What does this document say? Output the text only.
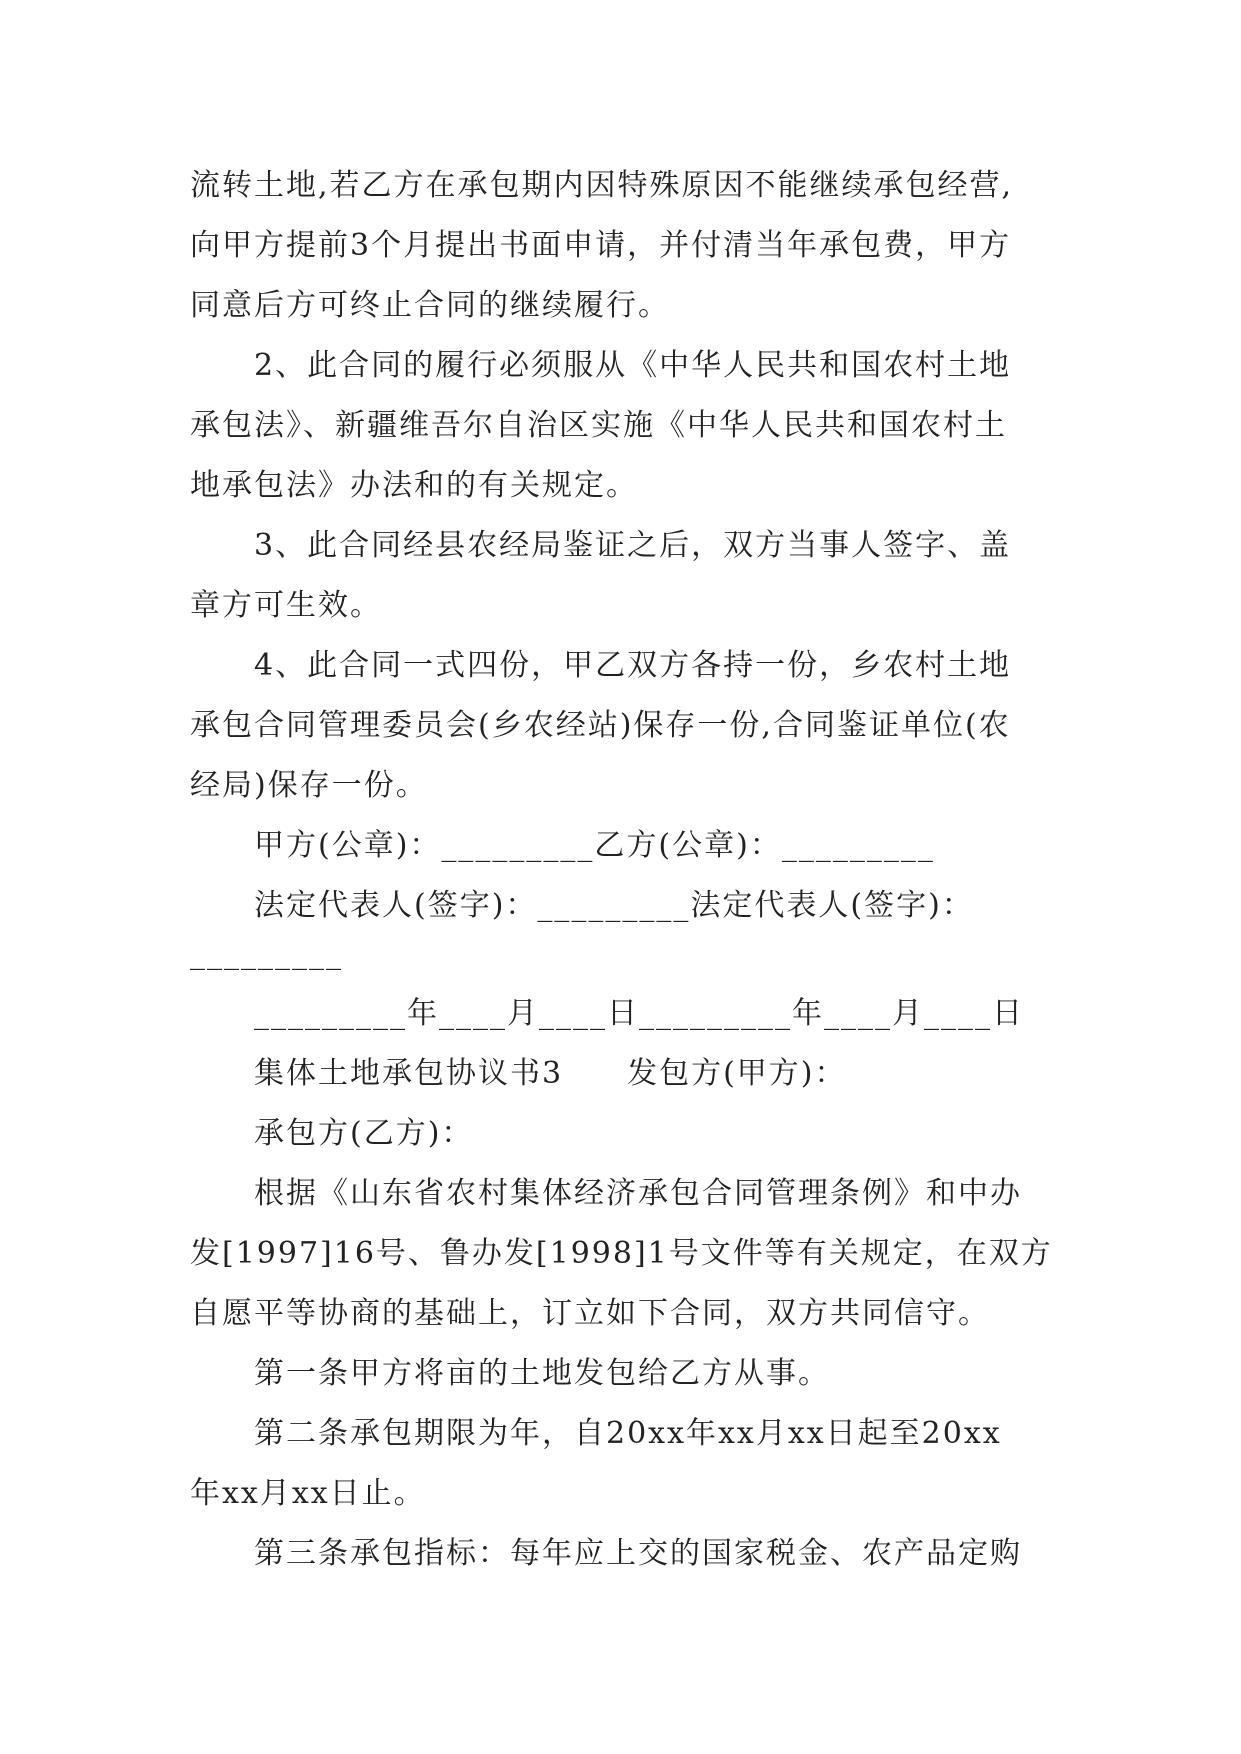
流转土地,若乙方在承包期内因特殊原因不能继续承包经营,
向甲方提前3个月提出书面申请，并付清当年承包费，甲方
同意后方可终止合同的继续履行。
2、此合同的履行必须服从《中华人民共和国农村土地
承包法》、新疆维吾尔自治区实施《中华人民共和国农村土
地承包法》办法和的有关规定。
3、此合同经县农经局鉴证之后，双方当事人签字、盖
章方可生效。
4、此合同一式四份，甲乙双方各持一份，乡农村土地
承包合同管理委员会(乡农经站)保存一份,合同鉴证单位(农
经局)保存一份。
甲方(公章)：_________乙方(公章)：_________
法定代表人(签字)：_________法定代表人(签字)：
_________
_________年____月____日_________年____月____日
集体土地承包协议书3　　发包方(甲方)：
承包方(乙方)：
根据《山东省农村集体经济承包合同管理条例》和中办
发[1997]16号、鲁办发[1998]1号文件等有关规定，在双方
自愿平等协商的基础上，订立如下合同，双方共同信守。
第一条甲方将亩的土地发包给乙方从事。
第二条承包期限为年，自20xx年xx月xx日起至20xx
年xx月xx日止。
第三条承包指标：每年应上交的国家税金、农产品定购
